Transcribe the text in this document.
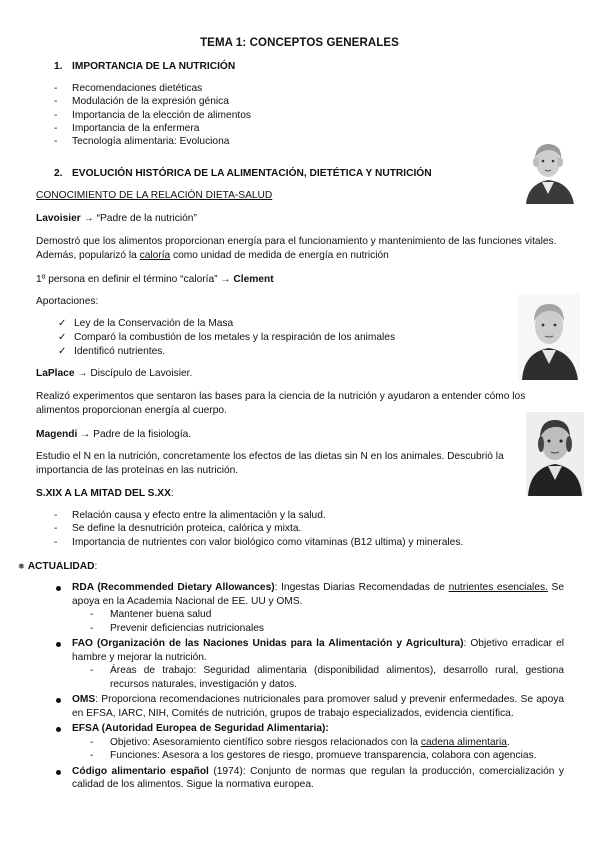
TEMA 1: CONCEPTOS GENERALES
1. IMPORTANCIA DE LA NUTRICIÓN
- Recomendaciones dietéticas
- Modulación de la expresión génica
- Importancia de la elección de alimentos
- Importancia de la enfermera
- Tecnología alimentaria: Evoluciona
2. EVOLUCIÓN HISTÓRICA DE LA ALIMENTACIÓN, DIETÉTICA Y NUTRICIÓN
CONOCIMIENTO DE LA RELACIÓN DIETA-SALUD
Lavoisier → “Padre de la nutrición”
Demostró que los alimentos proporcionan energía para el funcionamiento y mantenimiento de las funciones vitales. Además, popularizó la caloría como unidad de medida de energía en nutrición
1º persona en definir el término “caloría” → Clement
Aportaciones:
✓ Ley de la Conservación de la Masa
✓ Comparó la combustión de los metales y la respiración de los animales
✓ Identificó nutrientes.
LaPlace → Discípulo de Lavoisier.
Realizó experimentos que sentaron las bases para la ciencia de la nutrición y ayudaron a entender cómo los alimentos proporcionan energía al cuerpo.
Magendi → Padre de la fisiología.
Estudio el N en la nutrición, concretamente los efectos de las dietas sin N en los animales. Descubrió la importancia de las proteínas en las nutrición.
S.XIX A LA MITAD DEL S.XX:
- Relación causa y efecto entre la alimentación y la salud.
- Se define la desnutrición proteica, calórica y mixta.
- Importancia de nutrientes con valor biológico como vitaminas (B12 ultima) y minerales.
❅ ACTUALIDAD:
RDA (Recommended Dietary Allowances): Ingestas Diarias Recomendadas de nutrientes esenciales. Se apoya en la Academia Nacional de EE. UU y OMS.
- Mantener buena salud
- Prevenir deficiencias nutricionales
FAO (Organización de las Naciones Unidas para la Alimentación y Agricultura): Objetivo erradicar el hambre y mejorar la nutrición.
- Áreas de trabajo: Seguridad alimentaria (disponibilidad alimentos), desarrollo rural, gestiona recursos naturales, investigación y datos.
OMS: Proporciona recomendaciones nutricionales para promover salud y prevenir enfermedades. Se apoya en EFSA, IARC, NIH, Comités de nutrición, grupos de trabajo especializados, evidencia científica.
EFSA (Autoridad Europea de Seguridad Alimentaria):
- Objetivo: Asesoramiento científico sobre riesgos relacionados con la cadena alimentaria.
- Funciones: Asesora a los gestores de riesgo, promueve transparencia, colabora con agencias.
Código alimentario español (1974): Conjunto de normas que regulan la producción, comercialización y calidad de los alimentos. Sigue la normativa europea.
